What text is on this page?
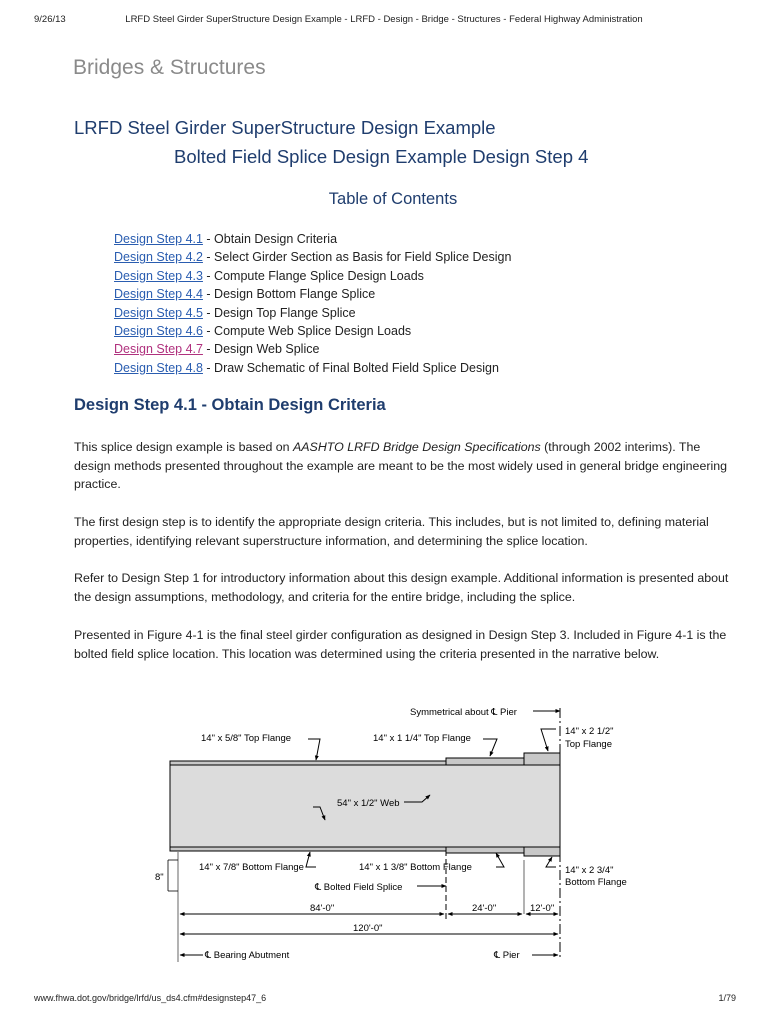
9/26/13	LRFD Steel Girder SuperStructure Design Example - LRFD - Design - Bridge - Structures - Federal Highway Administration
Bridges & Structures
LRFD Steel Girder SuperStructure Design Example
Bolted Field Splice Design Example Design Step 4
Table of Contents
Design Step 4.1 - Obtain Design Criteria
Design Step 4.2 - Select Girder Section as Basis for Field Splice Design
Design Step 4.3 - Compute Flange Splice Design Loads
Design Step 4.4 - Design Bottom Flange Splice
Design Step 4.5 - Design Top Flange Splice
Design Step 4.6 - Compute Web Splice Design Loads
Design Step 4.7 - Design Web Splice
Design Step 4.8 - Draw Schematic of Final Bolted Field Splice Design
Design Step 4.1 - Obtain Design Criteria
This splice design example is based on AASHTO LRFD Bridge Design Specifications (through 2002 interims). The design methods presented throughout the example are meant to be the most widely used in general bridge engineering practice.
The first design step is to identify the appropriate design criteria. This includes, but is not limited to, defining material properties, identifying relevant superstructure information, and determining the splice location.
Refer to Design Step 1 for introductory information about this design example. Additional information is presented about the design assumptions, methodology, and criteria for the entire bridge, including the splice.
Presented in Figure 4-1 is the final steel girder configuration as designed in Design Step 3. Included in Figure 4-1 is the bolted field splice location. This location was determined using the criteria presented in the narrative below.
Symmetrical about ℄ Pier
14" x 5/8" Top Flange	14" x 1 1/4" Top Flange
14" x 2 1/2"
Top Flange
54" x 1/2" Web
14" x 7/8" Bottom Flange	14" x 1 3/8" Bottom Flange	14" x 2 3/4"
Bottom Flange
℄ Bolted Field Splice
8"
84'-0"	24'-0"	12'-0"
120'-0"
℄ Bearing Abutment	℄ Pier
www.fhwa.dot.gov/bridge/lrfd/us_ds4.cfm#designstep47_6	1/79
